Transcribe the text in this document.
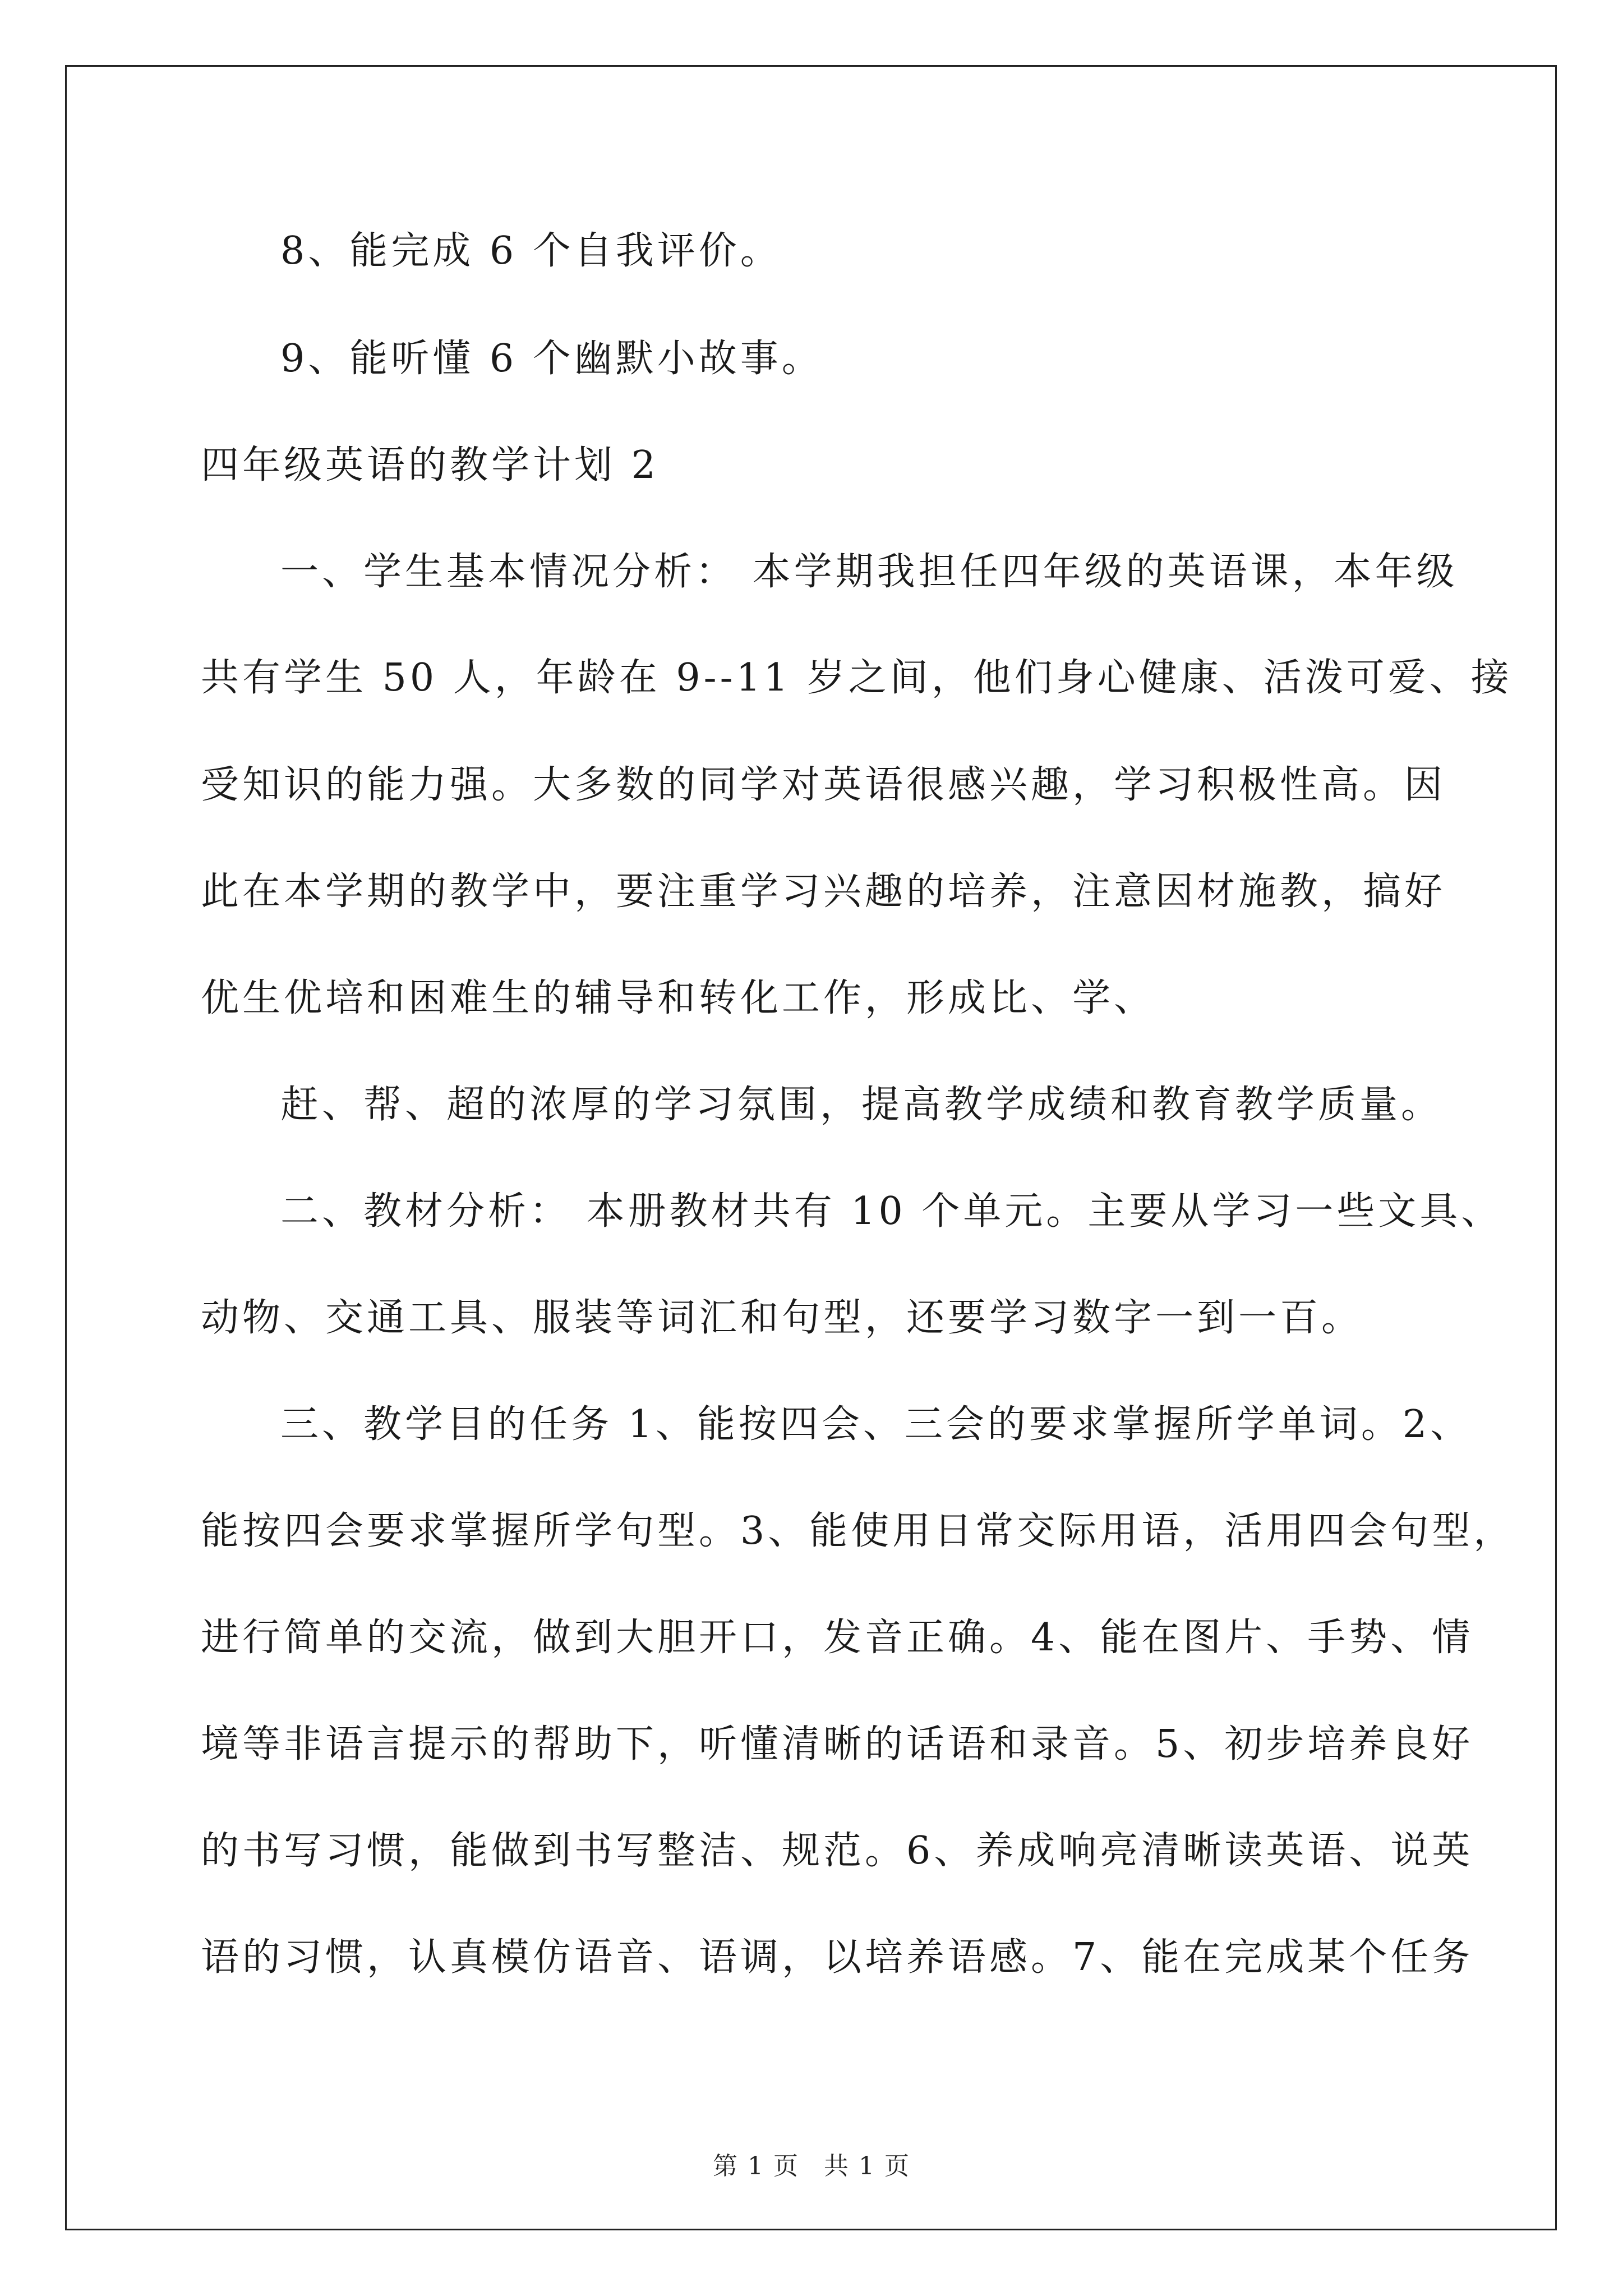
8、能完成 6 个自我评价。
9、能听懂 6 个幽默小故事。
四年级英语的教学计划 2
一、学生基本情况分析： 本学期我担任四年级的英语课，本年级
共有学生 50 人，年龄在 9--11 岁之间，他们身心健康、活泼可爱、接
受知识的能力强。大多数的同学对英语很感兴趣，学习积极性高。因
此在本学期的教学中，要注重学习兴趣的培养，注意因材施教，搞好
优生优培和困难生的辅导和转化工作，形成比、学、
赶、帮、超的浓厚的学习氛围，提高教学成绩和教育教学质量。
二、教材分析： 本册教材共有 10 个单元。主要从学习一些文具、
动物、交通工具、服装等词汇和句型，还要学习数字一到一百。
三、教学目的任务 1、能按四会、三会的要求掌握所学单词。2、
能按四会要求掌握所学句型。3、能使用日常交际用语，活用四会句型，
进行简单的交流，做到大胆开口，发音正确。4、能在图片、手势、情
境等非语言提示的帮助下，听懂清晰的话语和录音。5、初步培养良好
的书写习惯，能做到书写整洁、规范。6、养成响亮清晰读英语、说英
语的习惯，认真模仿语音、语调，以培养语感。7、能在完成某个任务
第 1 页 共 1 页
